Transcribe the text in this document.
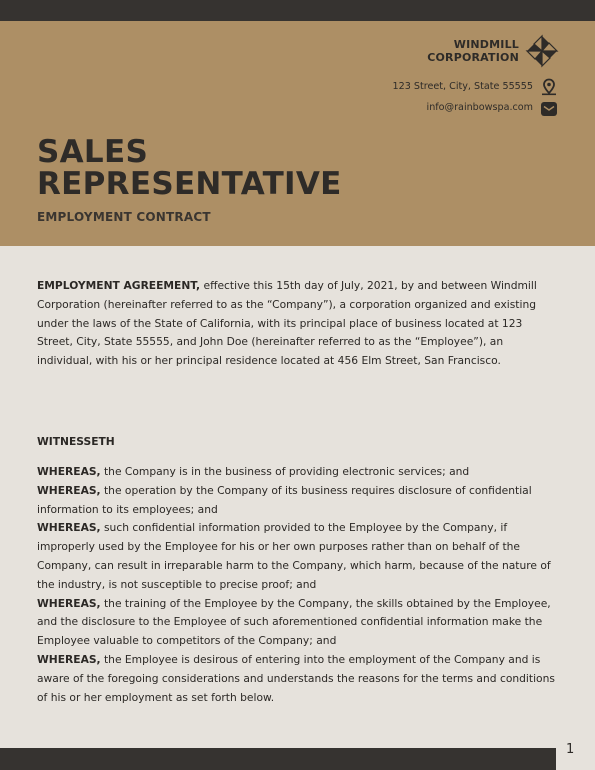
WINDMILL
CORPORATION
123 Street, City, State 55555
info@rainbowspa.com
SALES
REPRESENTATIVE
EMPLOYMENT CONTRACT

EMPLOYMENT AGREEMENT, effective this 15th day of July, 2021, by and between Windmill Corporation (hereinafter referred to as the “Company”), a corporation organized and existing under the laws of the State of California, with its principal place of business located at 123 Street, City, State 55555, and John Doe (hereinafter referred to as the “Employee”), an individual, with his or her principal residence located at 456 Elm Street, San Francisco.

WITNESSETH

WHEREAS, the Company is in the business of providing electronic services; and

WHEREAS, the operation by the Company of its business requires disclosure of confidential information to its employees; and

WHEREAS, such confidential information provided to the Employee by the Company, if improperly used by the Employee for his or her own purposes rather than on behalf of the Company, can result in irreparable harm to the Company, which harm, because of the nature of the industry, is not susceptible to precise proof; and

WHEREAS, the training of the Employee by the Company, the skills obtained by the Employee, and the disclosure to the Employee of such aforementioned confidential information make the Employee valuable to competitors of the Company; and

WHEREAS, the Employee is desirous of entering into the employment of the Company and is aware of the foregoing considerations and understands the reasons for the terms and conditions of his or her employment as set forth below.

1
